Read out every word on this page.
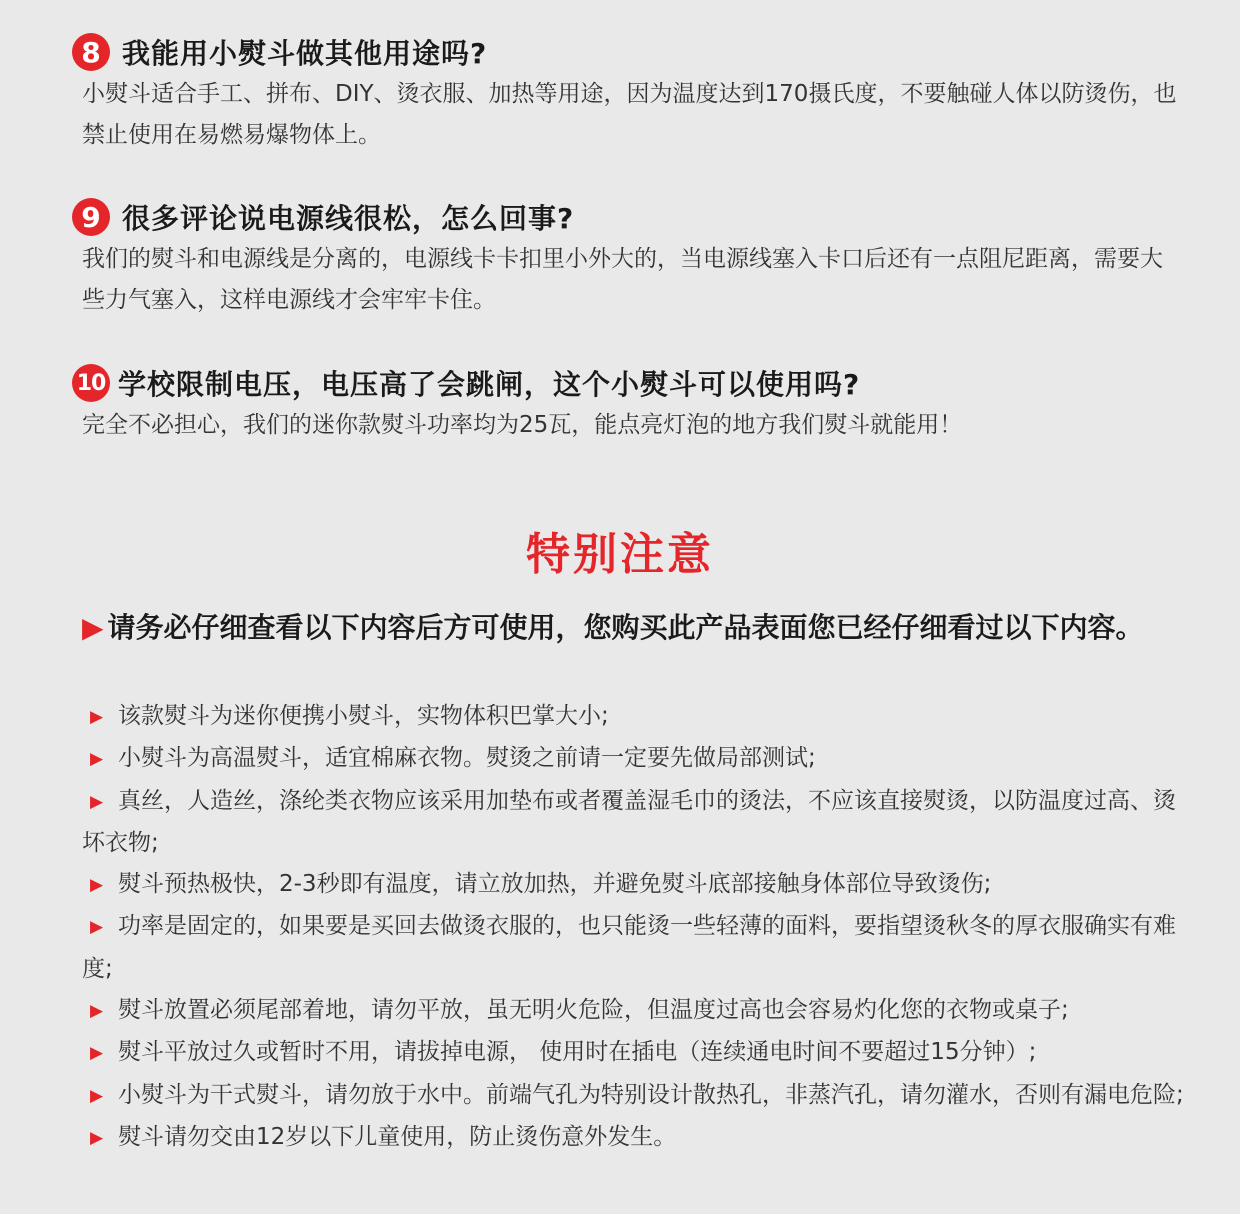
8 我能用小熨斗做其他用途吗?
小熨斗适合手工、拼布、DIY、烫衣服、加热等用途，因为温度达到170摄氏度，不要触碰人体以防烫伤，也禁止使用在易燃易爆物体上。
9 很多评论说电源线很松，怎么回事?
我们的熨斗和电源线是分离的，电源线卡卡扣里小外大的，当电源线塞入卡口后还有一点阻尼距离，需要大些力气塞入，这样电源线才会牢牢卡住。
10 学校限制电压，电压高了会跳闸，这个小熨斗可以使用吗?
完全不必担心，我们的迷你款熨斗功率均为25瓦，能点亮灯泡的地方我们熨斗就能用！
特别注意
▶ 请务必仔细查看以下内容后方可使用，您购买此产品表面您已经仔细看过以下内容。
▶ 该款熨斗为迷你便携小熨斗，实物体积巴掌大小;
▶ 小熨斗为高温熨斗，适宜棉麻衣物。熨烫之前请一定要先做局部测试;
▶ 真丝，人造丝，涤纶类衣物应该采用加垫布或者覆盖湿毛巾的烫法，不应该直接熨烫，以防温度过高、烫坏衣物;
▶ 熨斗预热极快，2-3秒即有温度，请立放加热，并避免熨斗底部接触身体部位导致烫伤;
▶ 功率是固定的，如果要是买回去做烫衣服的，也只能烫一些轻薄的面料，要指望烫秋冬的厚衣服确实有难度;
▶ 熨斗放置必须尾部着地，请勿平放，虽无明火危险，但温度过高也会容易灼化您的衣物或桌子;
▶ 熨斗平放过久或暂时不用，请拔掉电源， 使用时在插电（连续通电时间不要超过15分钟）;
▶ 小熨斗为干式熨斗，请勿放于水中。前端气孔为特别设计散热孔，非蒸汽孔，请勿灌水，否则有漏电危险;
▶ 熨斗请勿交由12岁以下儿童使用，防止烫伤意外发生。
